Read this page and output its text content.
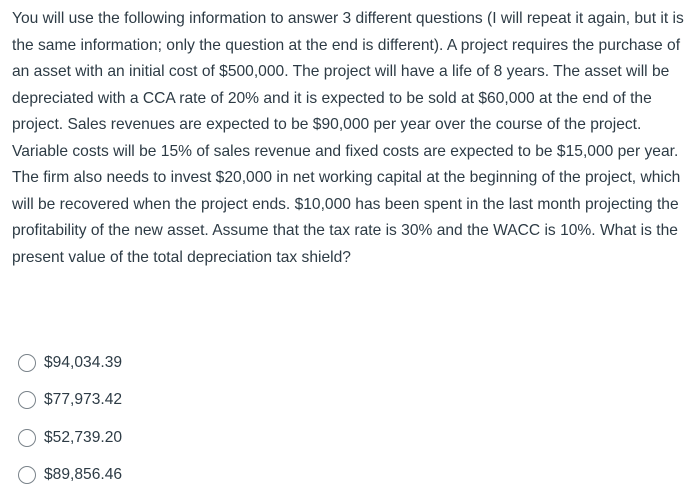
You will use the following information to answer 3 different questions (I will repeat it again, but it is the same information; only the question at the end is different). A project requires the purchase of an asset with an initial cost of $500,000. The project will have a life of 8 years. The asset will be depreciated with a CCA rate of 20% and it is expected to be sold at $60,000 at the end of the project. Sales revenues are expected to be $90,000 per year over the course of the project. Variable costs will be 15% of sales revenue and fixed costs are expected to be $15,000 per year. The firm also needs to invest $20,000 in net working capital at the beginning of the project, which will be recovered when the project ends. $10,000 has been spent in the last month projecting the profitability of the new asset. Assume that the tax rate is 30% and the WACC is 10%. What is the present value of the total depreciation tax shield?
$94,034.39
$77,973.42
$52,739.20
$89,856.46
